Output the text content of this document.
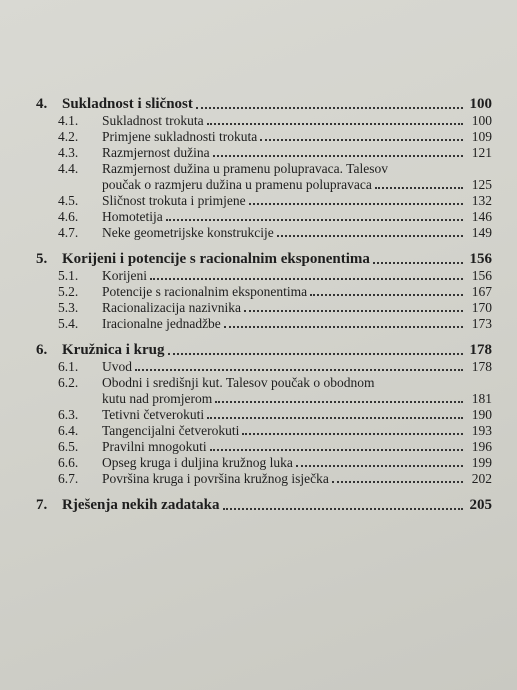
4. Sukladnost i sličnost	100
4.1.	Sukladnost trokuta	100
4.2.	Primjene sukladnosti trokuta	109
4.3.	Razmjernost dužina	121
4.4.	Razmjernost dužina u pramenu polupravaca. Talesov
poučak o razmjeru dužina u pramenu polupravaca	125
4.5.	Sličnost trokuta i primjene	132
4.6.	Homotetija	146
4.7.	Neke geometrijske konstrukcije	149
5. Korijeni i potencije s racionalnim eksponentima	156
5.1.	Korijeni	156
5.2.	Potencije s racionalnim eksponentima	167
5.3.	Racionalizacija nazivnika	170
5.4.	Iracionalne jednadžbe	173
6. Kružnica i krug	178
6.1.	Uvod	178
6.2.	Obodni i središnji kut. Talesov poučak o obodnom
kutu nad promjerom	181
6.3.	Tetivni četverokuti	190
6.4.	Tangencijalni četverokuti	193
6.5.	Pravilni mnogokuti	196
6.6.	Opseg kruga i duljina kružnog luka	199
6.7.	Površina kruga i površina kružnog isječka	202
7. Rješenja nekih zadataka	205
